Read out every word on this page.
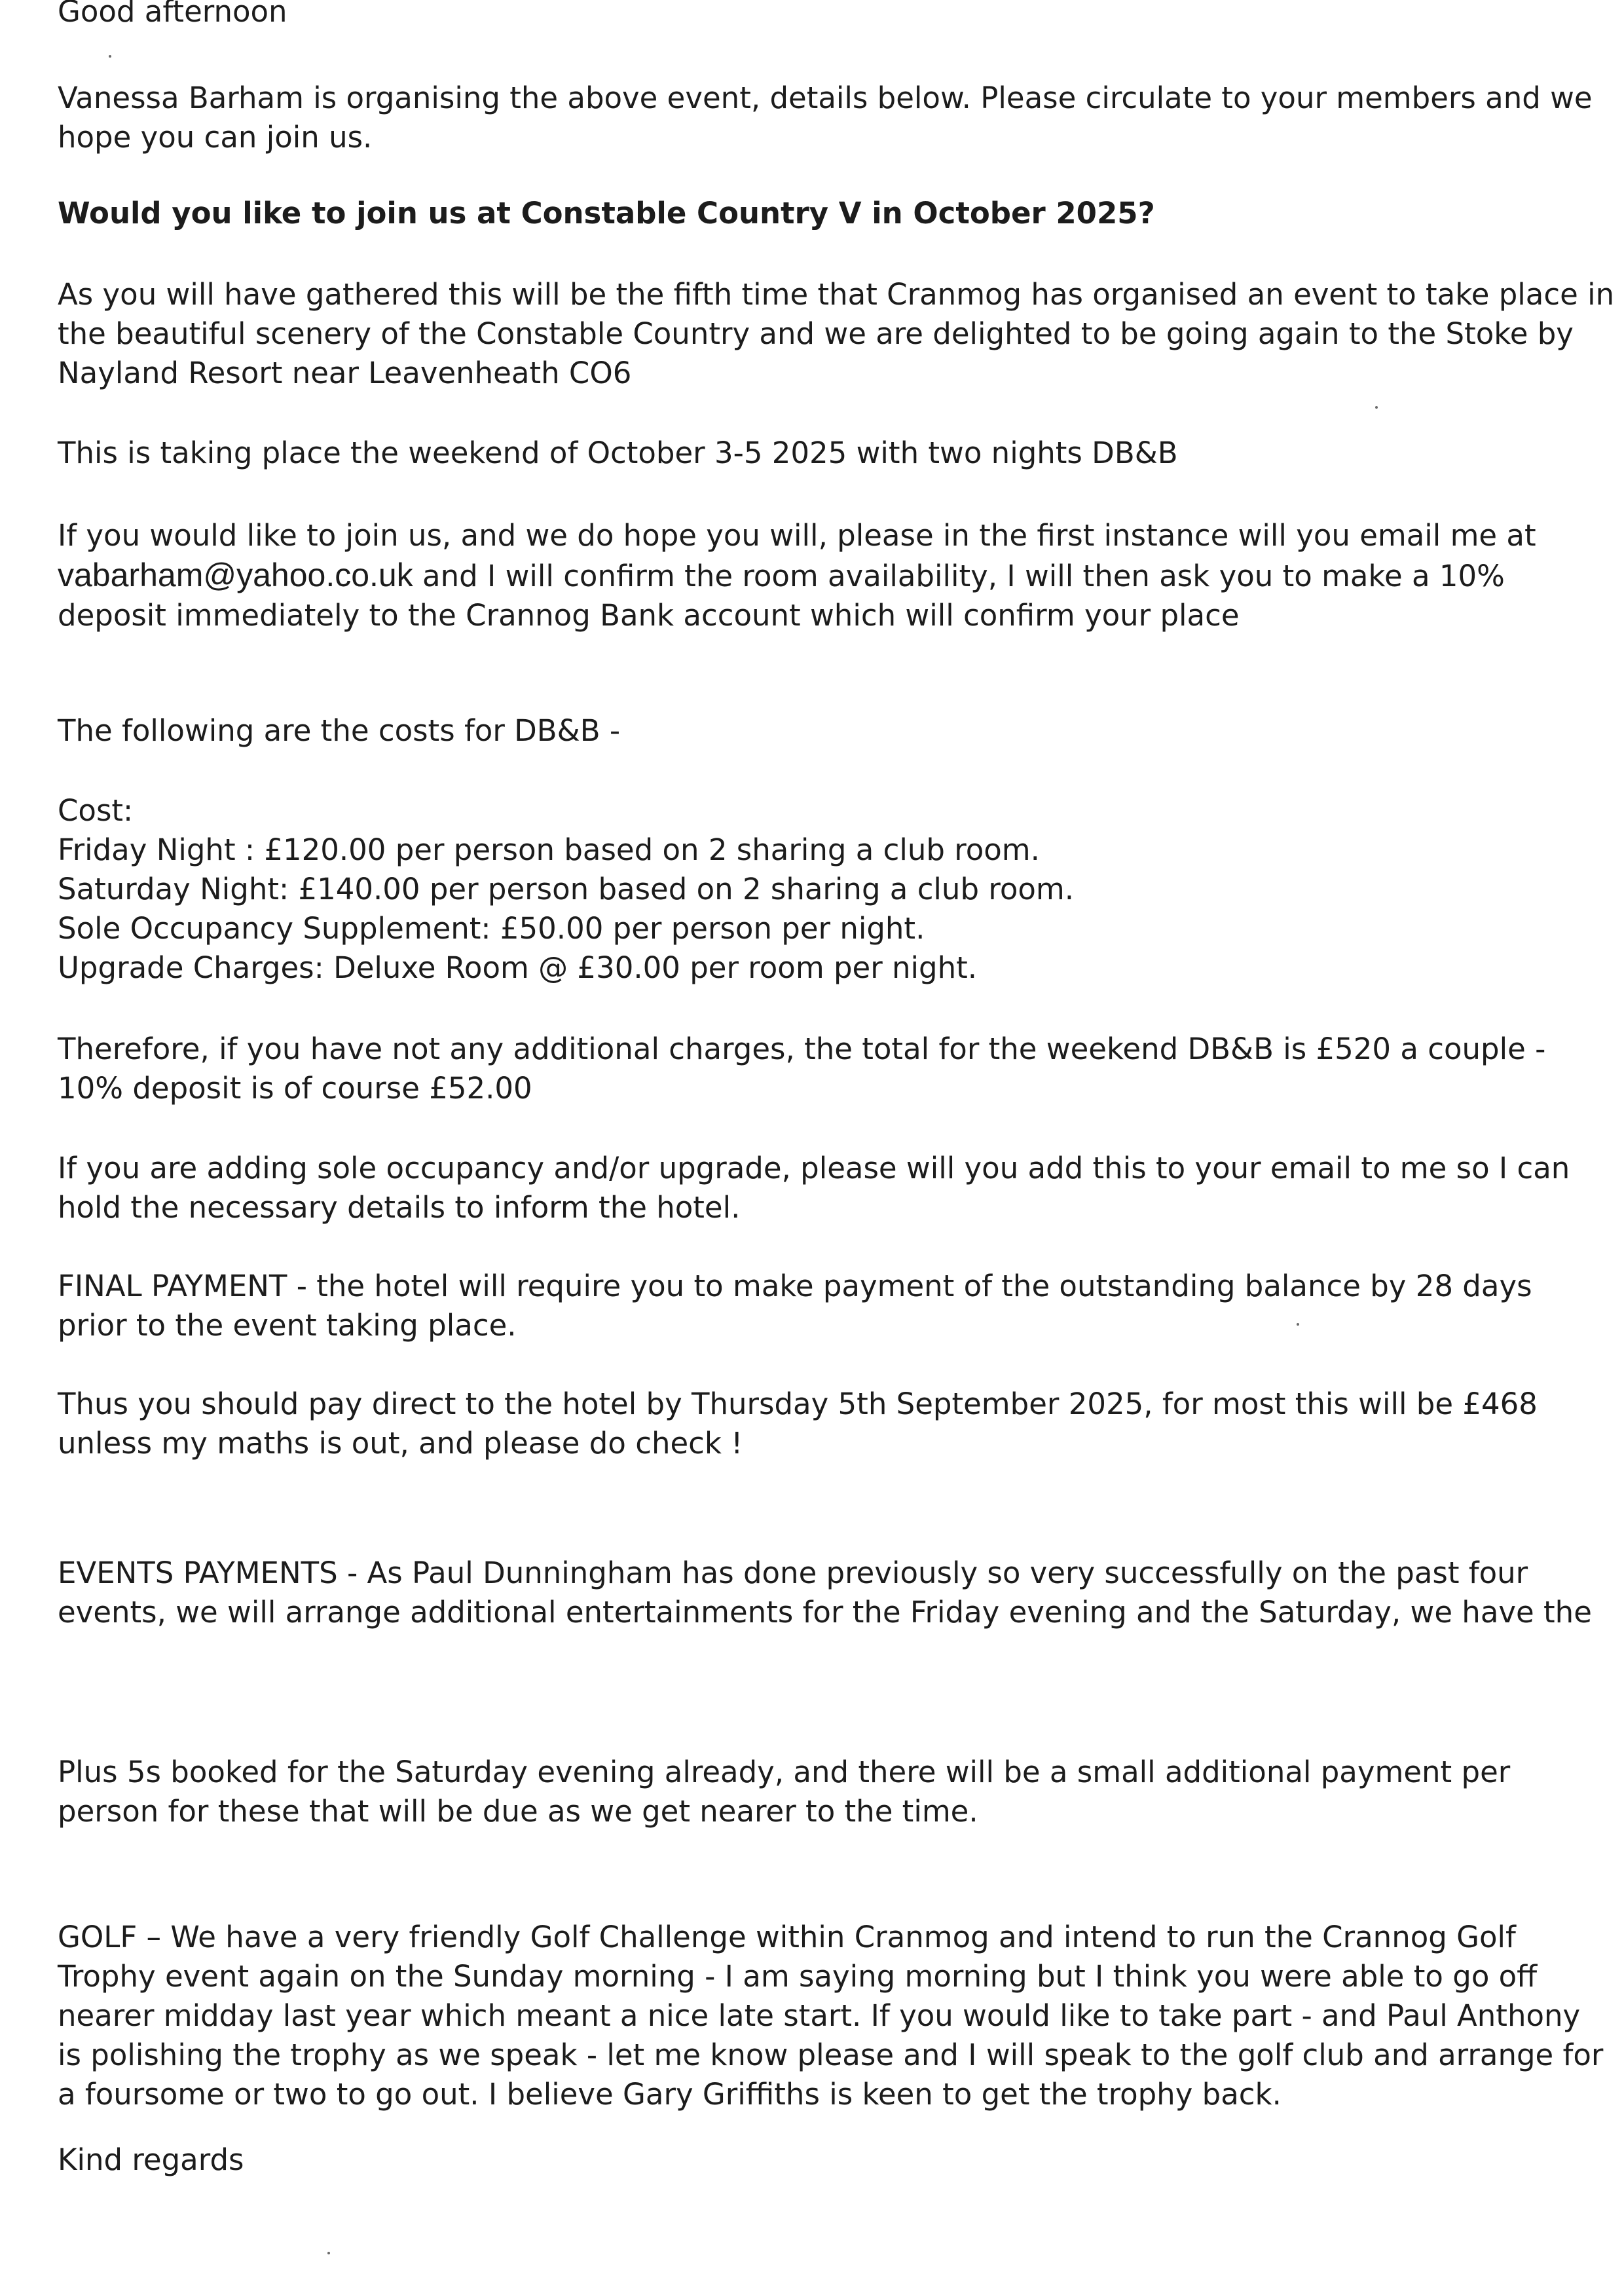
Good afternoon

Vanessa Barham is organising the above event, details below. Please circulate to your members and we
hope you can join us.

Would you like to join us at Constable Country V in October 2025?

As you will have gathered this will be the fifth time that Cranmog has organised an event to take place in
the beautiful scenery of the Constable Country and we are delighted to be going again to the Stoke by
Nayland Resort near Leavenheath CO6

This is taking place the weekend of October 3-5 2025 with two nights DB&B

If you would like to join us, and we do hope you will, please in the first instance will you email me at
vabarham@yahoo.co.uk and I will confirm the room availability, I will then ask you to make a 10%
deposit immediately to the Crannog Bank account which will confirm your place

The following are the costs for DB&B -

Cost:
Friday Night : £120.00 per person based on 2 sharing a club room.
Saturday Night: £140.00 per person based on 2 sharing a club room.
Sole Occupancy Supplement: £50.00 per person per night.
Upgrade Charges: Deluxe Room @ £30.00 per room per night.

Therefore, if you have not any additional charges, the total for the weekend DB&B is £520 a couple -
10% deposit is of course £52.00

If you are adding sole occupancy and/or upgrade, please will you add this to your email to me so I can
hold the necessary details to inform the hotel.

FINAL PAYMENT - the hotel will require you to make payment of the outstanding balance by 28 days
prior to the event taking place.

Thus you should pay direct to the hotel by Thursday 5th September 2025, for most this will be £468
unless my maths is out, and please do check !

EVENTS PAYMENTS - As Paul Dunningham has done previously so very successfully on the past four
events, we will arrange additional entertainments for the Friday evening and the Saturday, we have the

Plus 5s booked for the Saturday evening already, and there will be a small additional payment per
person for these that will be due as we get nearer to the time.

GOLF – We have a very friendly Golf Challenge within Cranmog and intend to run the Crannog Golf
Trophy event again on the Sunday morning - I am saying morning but I think you were able to go off
nearer midday last year which meant a nice late start. If you would like to take part - and Paul Anthony
is polishing the trophy as we speak - let me know please and I will speak to the golf club and arrange for
a foursome or two to go out. I believe Gary Griffiths is keen to get the trophy back.

Kind regards
